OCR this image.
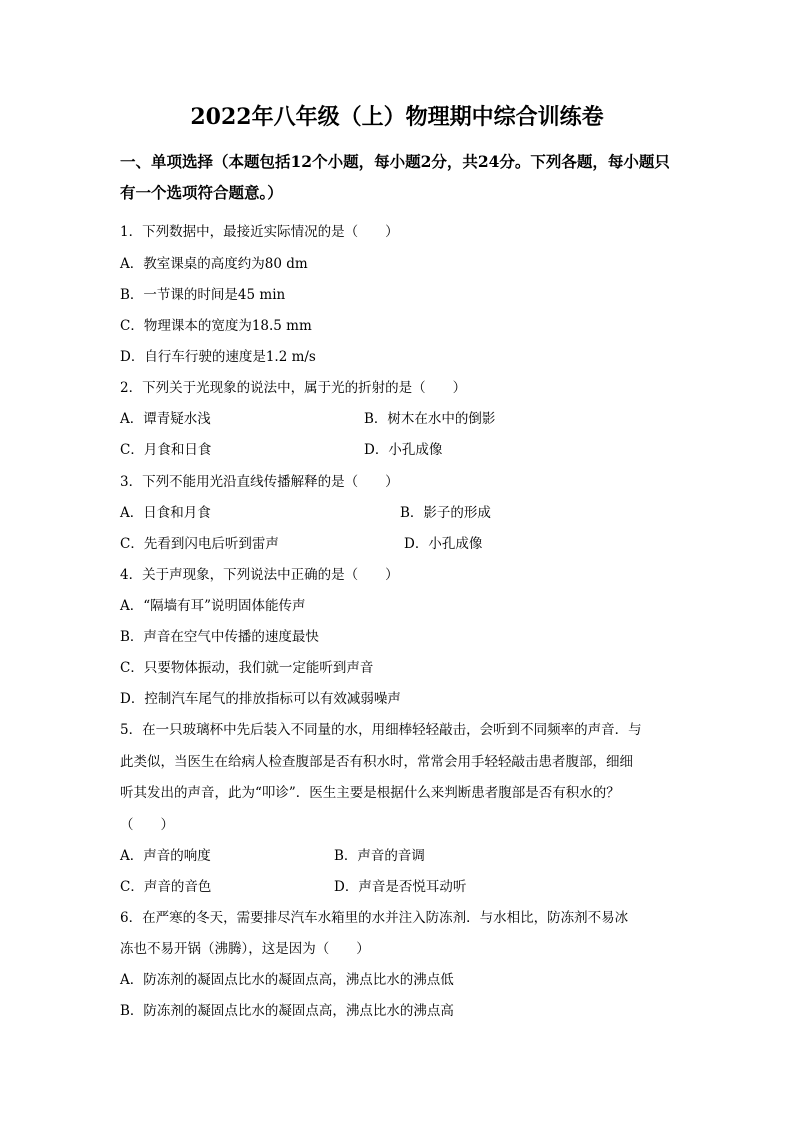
2022年八年级（上）物理期中综合训练卷
一、单项选择（本题包括12个小题，每小题2分，共24分。下列各题，每小题只有一个选项符合题意。）
1．下列数据中，最接近实际情况的是（　　）
A．教室课桌的高度约为80 dm
B．一节课的时间是45 min
C．物理课本的宽度为18.5 mm
D．自行车行驶的速度是1.2 m/s
2．下列关于光现象的说法中，属于光的折射的是（　　）
A．谭青疑水浅	B．树木在水中的倒影
C．月食和日食	D．小孔成像
3．下列不能用光沿直线传播解释的是（　　）
A．日食和月食	B．影子的形成
C．先看到闪电后听到雷声	D．小孔成像
4．关于声现象，下列说法中正确的是（　　）
A．“隔墙有耳”说明固体能传声
B．声音在空气中传播的速度最快
C．只要物体振动，我们就一定能听到声音
D．控制汽车尾气的排放指标可以有效减弱噪声
5．在一只玻璃杯中先后装入不同量的水，用细棒轻轻敲击，会听到不同频率的声音．与
此类似，当医生在给病人检查腹部是否有积水时，常常会用手轻轻敲击患者腹部，细细
听其发出的声音，此为“叩诊”．医生主要是根据什么来判断患者腹部是否有积水的？
（　　）
A．声音的响度	B．声音的音调
C．声音的音色	D．声音是否悦耳动听
6．在严寒的冬天，需要排尽汽车水箱里的水并注入防冻剂．与水相比，防冻剂不易冰
冻也不易开锅（沸腾），这是因为（　　）
A．防冻剂的凝固点比水的凝固点高，沸点比水的沸点低
B．防冻剂的凝固点比水的凝固点高，沸点比水的沸点高
